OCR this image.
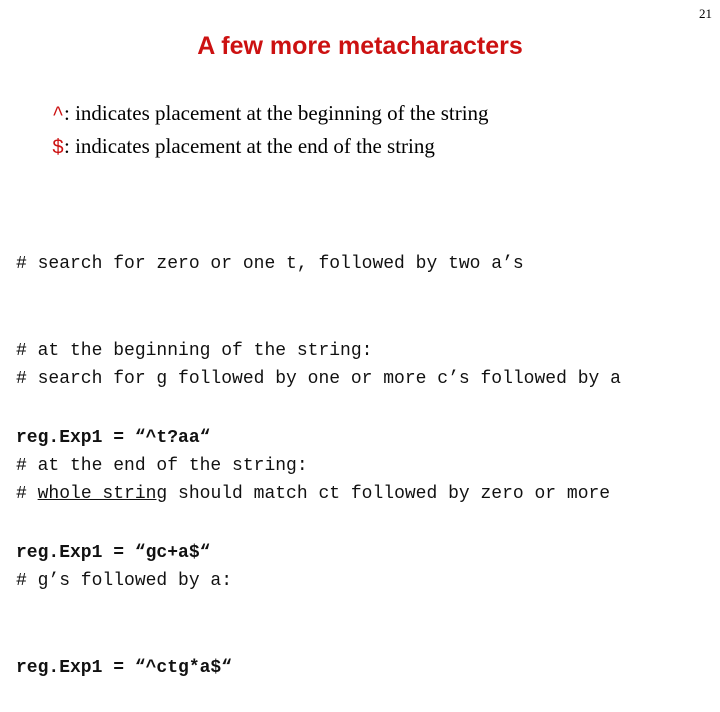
21
A few more metacharacters
^: indicates placement at the beginning of the string
$: indicates placement at the end of the string

# search for zero or one t, followed by two a’s

# at the beginning of the string:

reg.Exp1 = “^t?aa“

# search for g followed by one or more c’s followed by a

# at the end of the string:

reg.Exp1 = “gc+a$“

# whole string should match ct followed by zero or more

# g’s followed by a:

reg.Exp1 = “^ctg*a$“
